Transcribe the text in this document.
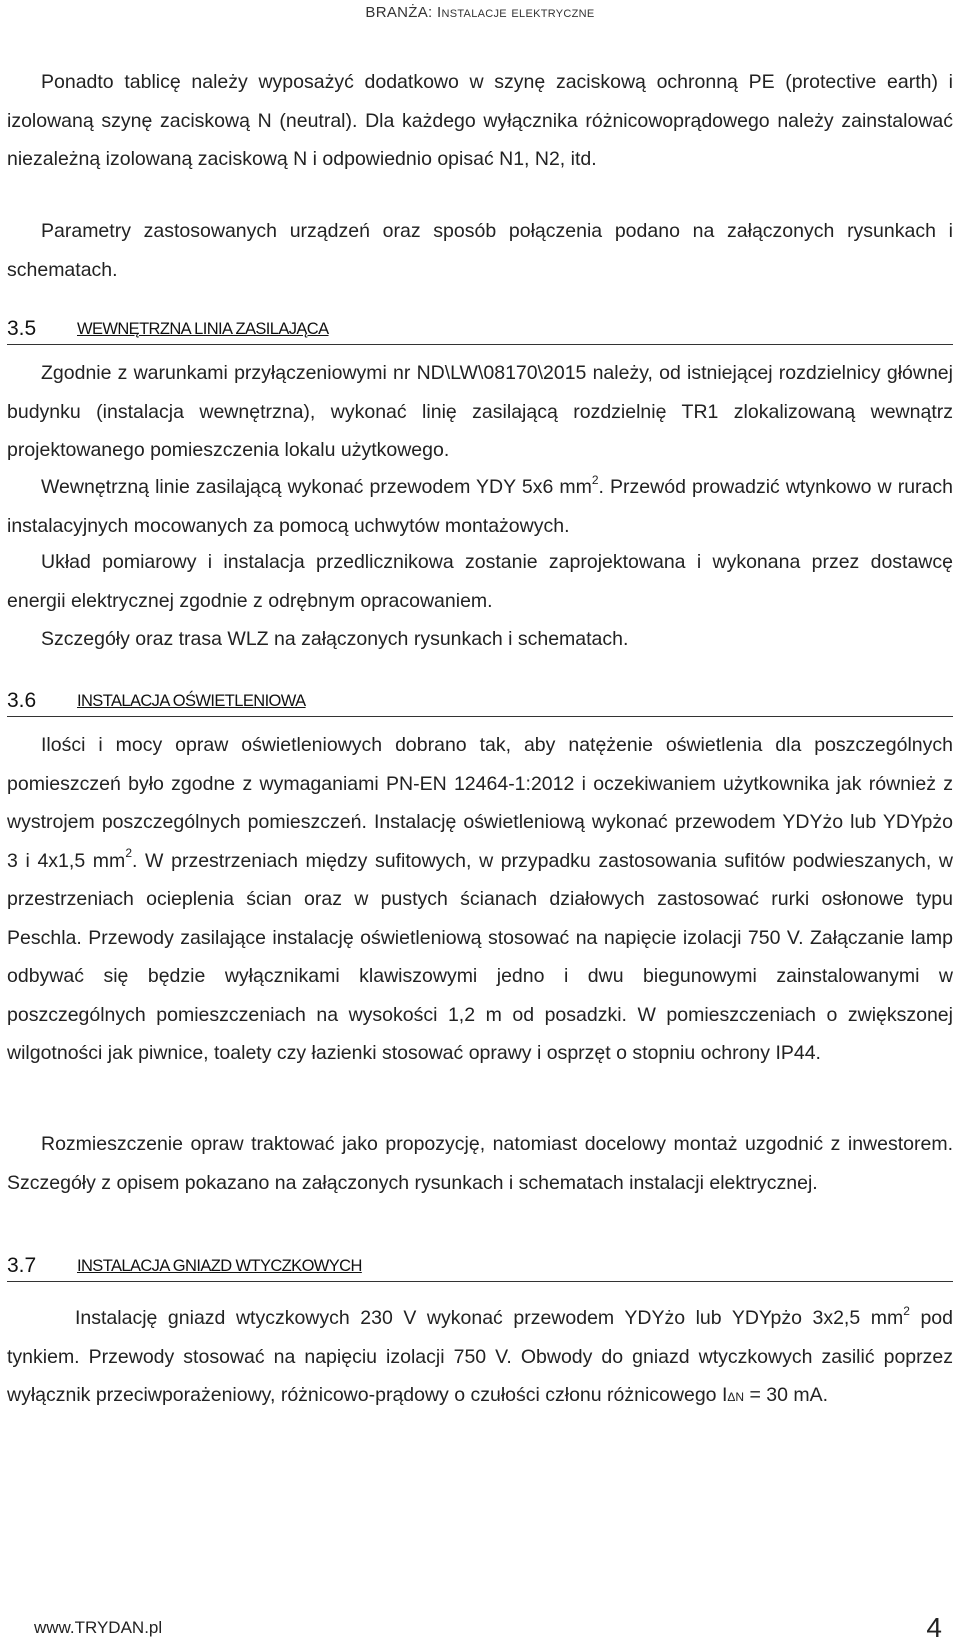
BRANŻA: Instalacje elektryczne
Ponadto tablicę należy wyposażyć dodatkowo w szynę zaciskową ochronną PE (protective earth) i izolowaną szynę zaciskową N (neutral). Dla każdego wyłącznika różnicowoprądowego należy zainstalować niezależną izolowaną zaciskową N i odpowiednio opisać N1, N2, itd.
Parametry zastosowanych urządzeń oraz sposób połączenia podano na załączonych rysunkach i schematach.
3.5 WEWNĘTRZNA LINIA ZASILAJĄCA
Zgodnie z warunkami przyłączeniowymi nr ND\LW\08170\2015 należy, od istniejącej rozdzielnicy głównej budynku (instalacja wewnętrzna), wykonać linię zasilającą rozdzielnię TR1 zlokalizowaną wewnątrz projektowanego pomieszczenia lokalu użytkowego.
Wewnętrzną linie zasilającą wykonać przewodem YDY 5x6 $mm^2$. Przewód prowadzić wtynkowo w rurach instalacyjnych mocowanych za pomocą uchwytów montażowych.
Układ pomiarowy i instalacja przedlicznikowa zostanie zaprojektowana i wykonana przez dostawcę energii elektrycznej zgodnie z odrębnym opracowaniem.
Szczegóły oraz trasa WLZ na załączonych rysunkach i schematach.
3.6 INSTALACJA OŚWIETLENIOWA
Ilości i mocy opraw oświetleniowych dobrano tak, aby natężenie oświetlenia dla poszczególnych pomieszczeń było zgodne z wymaganiami PN-EN 12464-1:2012 i oczekiwaniem użytkownika jak również z wystrojem poszczególnych pomieszczeń. Instalację oświetleniową wykonać przewodem YDYżo lub YDYpżo 3 i 4x1,5 $mm^2$. W przestrzeniach między sufitowych, w przypadku zastosowania sufitów podwieszanych, w przestrzeniach ocieplenia ścian oraz w pustych ścianach działowych zastosować rurki osłonowe typu Peschla. Przewody zasilające instalację oświetleniową stosować na napięcie izolacji 750 V. Załączanie lamp odbywać się będzie wyłącznikami klawiszowymi jedno i dwu biegunowymi zainstalowanymi w poszczególnych pomieszczeniach na wysokości 1,2 m od posadzki. W pomieszczeniach o zwiększonej wilgotności jak piwnice, toalety czy łazienki stosować oprawy i osprzęt o stopniu ochrony IP44.
Rozmieszczenie opraw traktować jako propozycję, natomiast docelowy montaż uzgodnić z inwestorem. Szczegóły z opisem pokazano na załączonych rysunkach i schematach instalacji elektrycznej.
3.7 INSTALACJA GNIAZD WTYCZKOWYCH
Instalację gniazd wtyczkowych 230 V wykonać przewodem YDYżo lub YDYpżo 3x2,5 $mm^2$ pod tynkiem. Przewody stosować na napięciu izolacji 750 V. Obwody do gniazd wtyczkowych zasilić poprzez wyłącznik przeciwporażeniowy, różnicowo-prądowy o czułości członu różnicowego IΔN = 30 mA.
www.TRYDAN.pl	4
